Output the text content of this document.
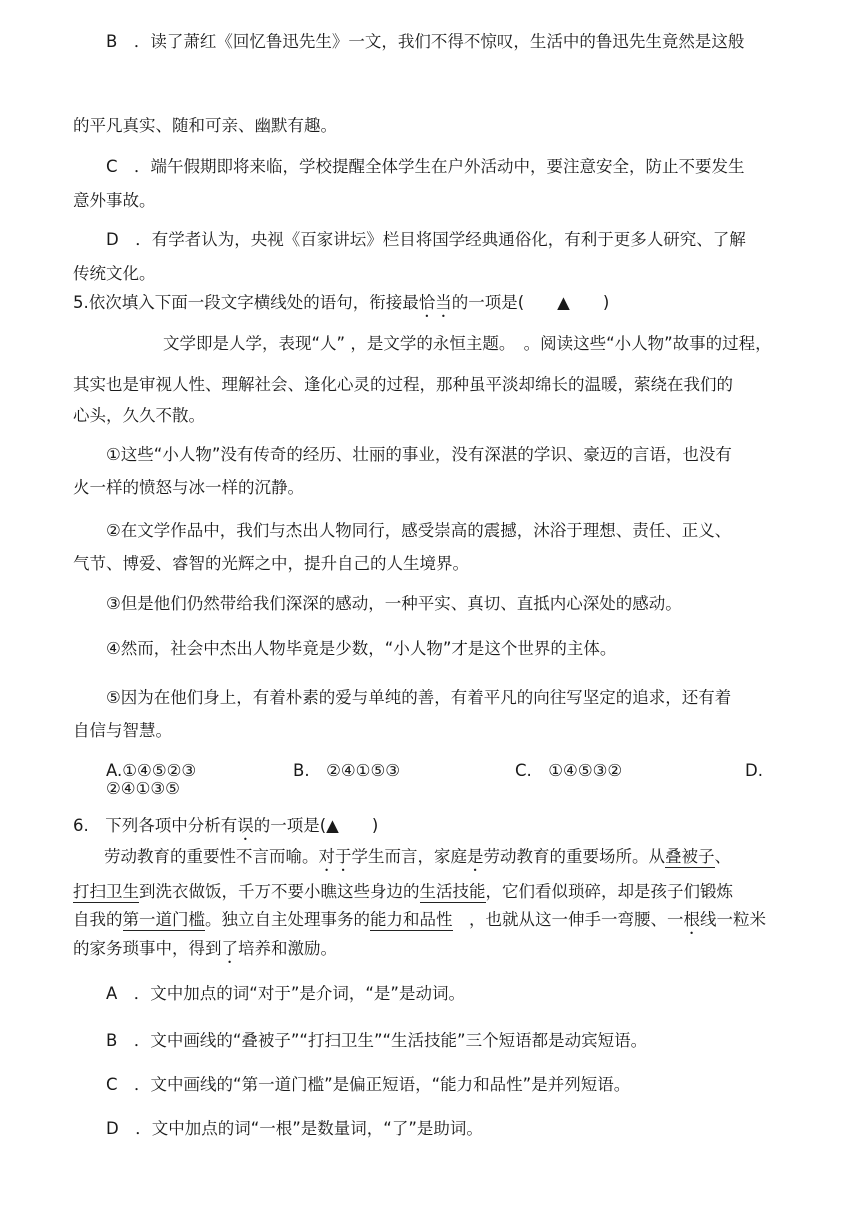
B　．读了萧红《回忆鲁迅先生》一文，我们不得不惊叹，生活中的鲁迅先生竟然是这般
的平凡真实、随和可亲、幽默有趣。
C　．端午假期即将来临，学校提醒全体学生在户外活动中，要注意安全，防止不要发生
意外事故。
D　．有学者认为，央视《百家讲坛》栏目将国学经典通俗化，有利于更多人研究、了解
传统文化。
5.依次填入下面一段文字横线处的语句，衔接最恰当的一项是(　　▲　　)
文学即是人学，表现“人” ，是文学的永恒主题。　。阅读这些“小人物”故事的过程，
其实也是审视人性、理解社会、逢化心灵的过程，那种虽平淡却绵长的温暖，萦绕在我们的
心头，久久不散。
①这些“小人物”没有传奇的经历、壮丽的事业，没有深湛的学识、豪迈的言语，也没有
火一样的愤怒与冰一样的沉静。
②在文学作品中，我们与杰出人物同行，感受崇高的震撼，沐浴于理想、责任、正义、
气节、博爱、睿智的光辉之中，提升自己的人生境界。
③但是他们仍然带给我们深深的感动，一种平实、真切、直抵内心深处的感动。
④然而，社会中杰出人物毕竟是少数，“小人物”才是这个世界的主体。
⑤因为在他们身上，有着朴素的爱与单纯的善，有着平凡的向往写坚定的追求，还有着
自信与智慧。
A.①④⑤②③	B.　②④①⑤③	C.　①④⑤③②	D.
②④①③⑤
6.　下列各项中分析有误的一项是(▲　　)
劳动教育的重要性不言而喻。对于学生而言，家庭是劳动教育的重要场所。从叠被子、
打扫卫生到洗衣做饭，千万不要小瞧这些身边的生活技能，它们看似琐碎，却是孩子们锻炼
自我的第一道门槛。独立自主处理事务的能力和品性　，也就从这一伸手一弯腰、一根线一粒米
的家务琐事中，得到了培养和激励。
A　．文中加点的词“对于”是介词，“是”是动词。
B　．文中画线的“叠被子”“打扫卫生”“生活技能”三个短语都是动宾短语。
C　．文中画线的“第一道门槛”是偏正短语，“能力和品性”是并列短语。
D　．文中加点的词“一根”是数量词，“了”是助词。
